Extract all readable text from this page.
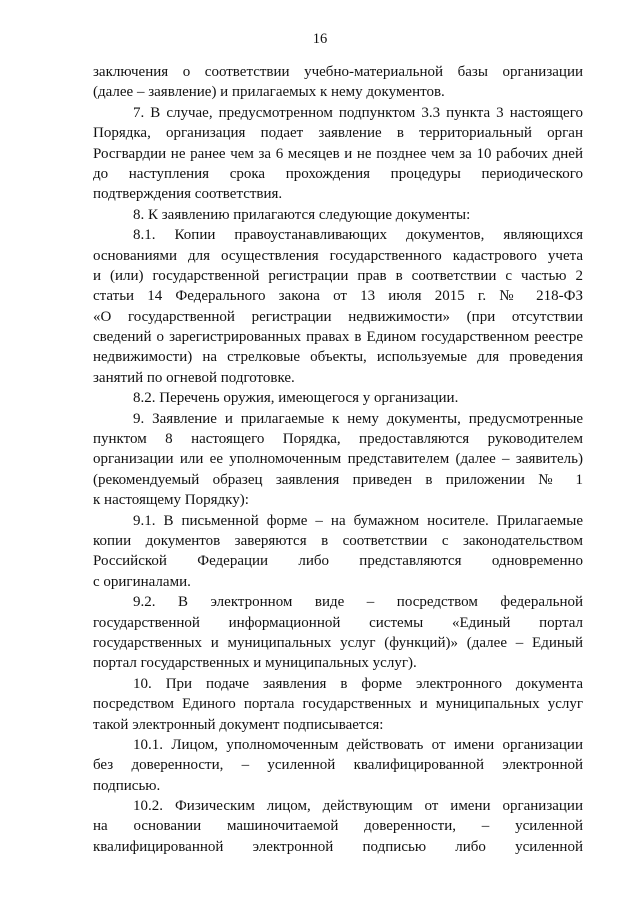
16
заключения о соответствии учебно-материальной базы организации
(далее – заявление) и прилагаемых к нему документов.
7. В случае, предусмотренном подпунктом 3.3 пункта 3 настоящего
Порядка, организация подает заявление в территориальный орган
Росгвардии не ранее чем за 6 месяцев и не позднее чем за 10 рабочих дней
до наступления срока прохождения процедуры периодического
подтверждения соответствия.
8. К заявлению прилагаются следующие документы:
8.1. Копии правоустанавливающих документов, являющихся
основаниями для осуществления государственного кадастрового учета
и (или) государственной регистрации прав в соответствии с частью 2
статьи 14 Федерального закона от 13 июля 2015 г. № 218-ФЗ
«О государственной регистрации недвижимости» (при отсутствии
сведений о зарегистрированных правах в Едином государственном реестре
недвижимости) на стрелковые объекты, используемые для проведения
занятий по огневой подготовке.
8.2. Перечень оружия, имеющегося у организации.
9. Заявление и прилагаемые к нему документы, предусмотренные
пунктом 8 настоящего Порядка, предоставляются руководителем
организации или ее уполномоченным представителем (далее – заявитель)
(рекомендуемый образец заявления приведен в приложении № 1
к настоящему Порядку):
9.1. В письменной форме – на бумажном носителе. Прилагаемые
копии документов заверяются в соответствии с законодательством
Российской Федерации либо представляются одновременно
с оригиналами.
9.2. В электронном виде – посредством федеральной
государственной информационной системы «Единый портал
государственных и муниципальных услуг (функций)» (далее – Единый
портал государственных и муниципальных услуг).
10. При подаче заявления в форме электронного документа
посредством Единого портала государственных и муниципальных услуг
такой электронный документ подписывается:
10.1. Лицом, уполномоченным действовать от имени организации
без доверенности, – усиленной квалифицированной электронной
подписью.
10.2. Физическим лицом, действующим от имени организации
на основании машиночитаемой доверенности, – усиленной
квалифицированной электронной подписью либо усиленной
